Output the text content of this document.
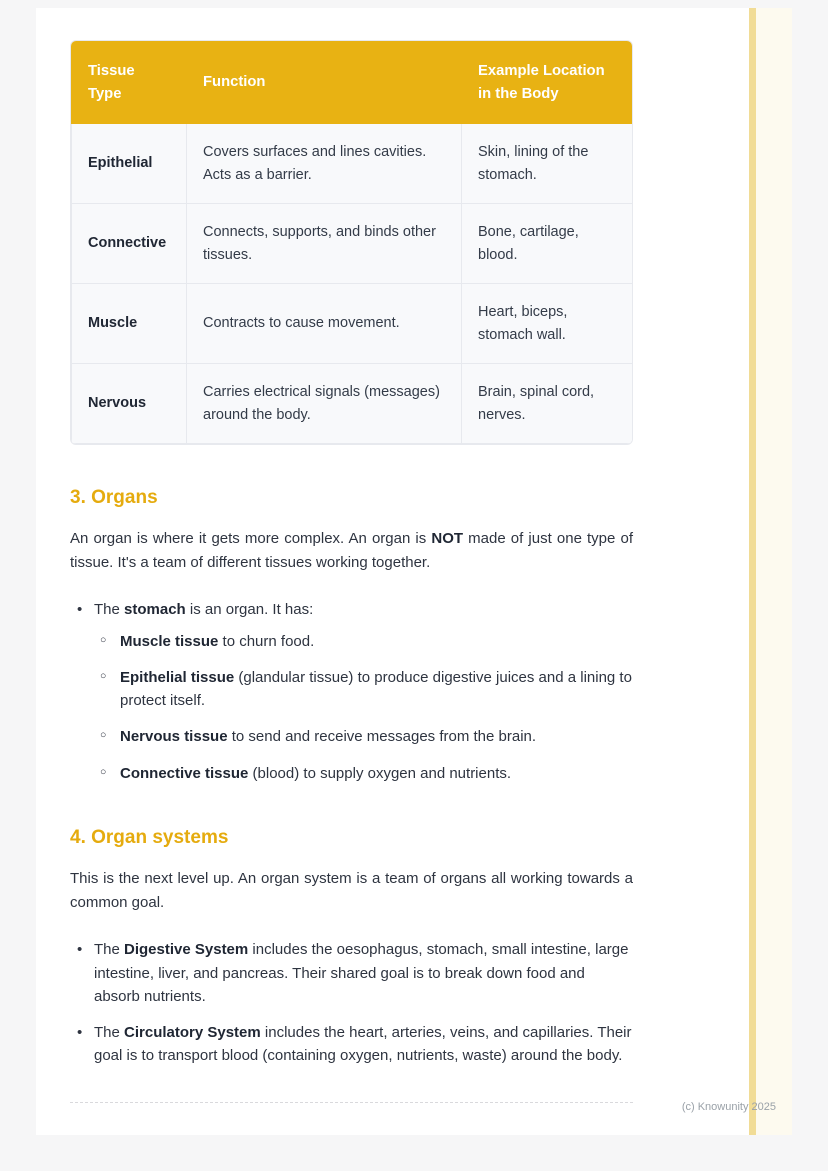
Tissue Type	Function	Example Location in the Body
Epithelial	Covers surfaces and lines cavities. Acts as a barrier.	Skin, lining of the stomach.
Connective	Connects, supports, and binds other tissues.	Bone, cartilage, blood.
Muscle	Contracts to cause movement.	Heart, biceps, stomach wall.
Nervous	Carries electrical signals (messages) around the body.	Brain, spinal cord, nerves.
3. Organs

An organ is where it gets more complex. An organ is NOT made of just one type of tissue. It's a team of different tissues working together.

• The stomach is an organ. It has:
○ Muscle tissue to churn food.
○ Epithelial tissue (glandular tissue) to produce digestive juices and a lining to protect itself.
○ Nervous tissue to send and receive messages from the brain.
○ Connective tissue (blood) to supply oxygen and nutrients.
4. Organ systems

This is the next level up. An organ system is a team of organs all working towards a common goal.

• The Digestive System includes the oesophagus, stomach, small intestine, large intestine, liver, and pancreas. Their shared goal is to break down food and absorb nutrients.
• The Circulatory System includes the heart, arteries, veins, and capillaries. Their goal is to transport blood (containing oxygen, nutrients, waste) around the body.
(c) Knowunity 2025
